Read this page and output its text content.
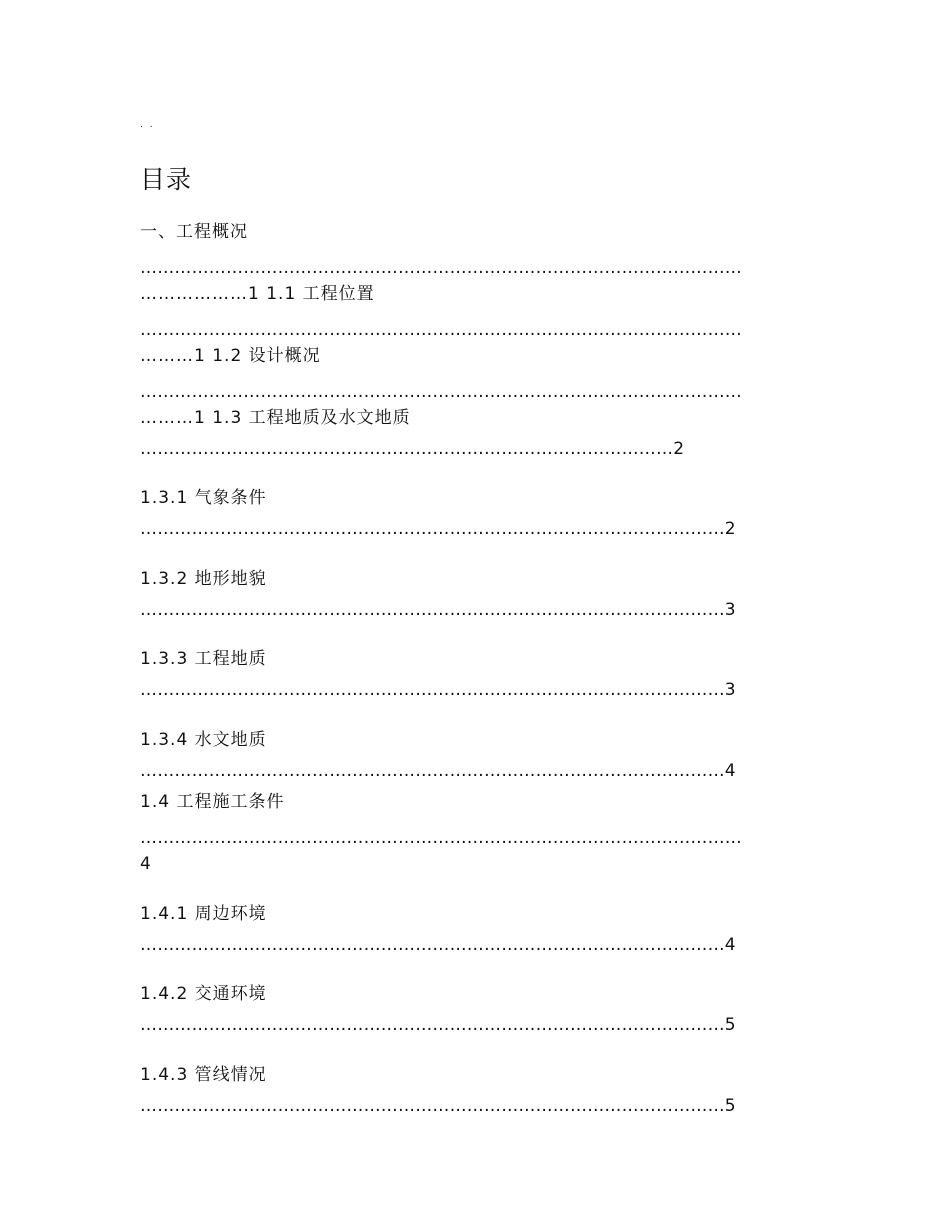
. .
目录
一、工程概况
……………………………………………………………………………………………
………………1 1.1 工程位置
……………………………………………………………………………………………
………1 1.2 设计概况
……………………………………………………………………………………………
………1 1.3 工程地质及水文地质
…………………………………………………………………………………2
1.3.1 气象条件
…………………………………………………………………………………………2
1.3.2 地形地貌
…………………………………………………………………………………………3
1.3.3 工程地质
…………………………………………………………………………………………3
1.3.4 水文地质
…………………………………………………………………………………………4
1.4 工程施工条件
……………………………………………………………………………………………
4
1.4.1 周边环境
…………………………………………………………………………………………4
1.4.2 交通环境
…………………………………………………………………………………………5
1.4.3 管线情况
…………………………………………………………………………………………5
